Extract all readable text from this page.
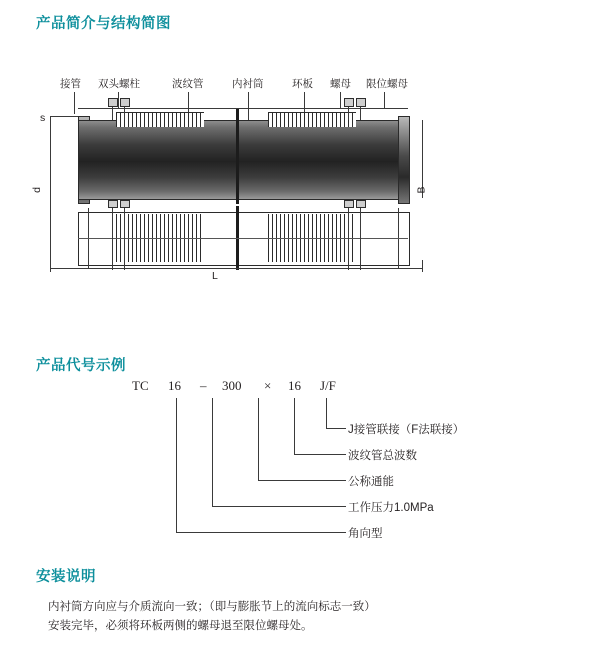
产品简介与结构简图
产品代号示例
安装说明
接管 双头螺柱	波纹管	内衬筒	环板 螺母 限位螺母
s
d	B
L
TC 16 – 300 × 16 J/F
J接管联接（F法联接）
波纹管总波数
公称通能
工作压力1.0MPa
角向型
内衬筒方向应与介质流向一致；（即与膨胀节上的流向标志一致）
安装完毕，必须将环板两侧的螺母退至限位螺母处。
